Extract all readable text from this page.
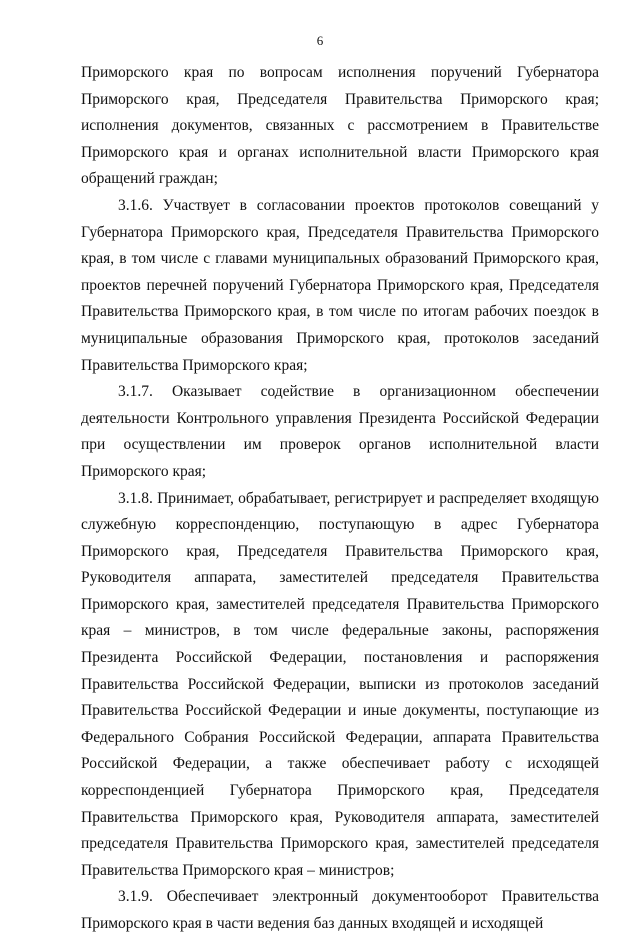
6

Приморского края по вопросам исполнения поручений Губернатора Приморского края, Председателя Правительства Приморского края; исполнения документов, связанных с рассмотрением в Правительстве Приморского края и органах исполнительной власти Приморского края обращений граждан;

3.1.6. Участвует в согласовании проектов протоколов совещаний у Губернатора Приморского края, Председателя Правительства Приморского края, в том числе с главами муниципальных образований Приморского края, проектов перечней поручений Губернатора Приморского края, Председателя Правительства Приморского края, в том числе по итогам рабочих поездок в муниципальные образования Приморского края, протоколов заседаний Правительства Приморского края;

3.1.7. Оказывает содействие в организационном обеспечении деятельности Контрольного управления Президента Российской Федерации при осуществлении им проверок органов исполнительной власти Приморского края;

3.1.8. Принимает, обрабатывает, регистрирует и распределяет входящую служебную корреспонденцию, поступающую в адрес Губернатора Приморского края, Председателя Правительства Приморского края, Руководителя аппарата, заместителей председателя Правительства Приморского края, заместителей председателя Правительства Приморского края – министров, в том числе федеральные законы, распоряжения Президента Российской Федерации, постановления и распоряжения Правительства Российской Федерации, выписки из протоколов заседаний Правительства Российской Федерации и иные документы, поступающие из Федерального Собрания Российской Федерации, аппарата Правительства Российской Федерации, а также обеспечивает работу с исходящей корреспонденцией Губернатора Приморского края, Председателя Правительства Приморского края, Руководителя аппарата, заместителей председателя Правительства Приморского края, заместителей председателя Правительства Приморского края – министров;

3.1.9. Обеспечивает электронный документооборот Правительства Приморского края в части ведения баз данных входящей и исходящей
